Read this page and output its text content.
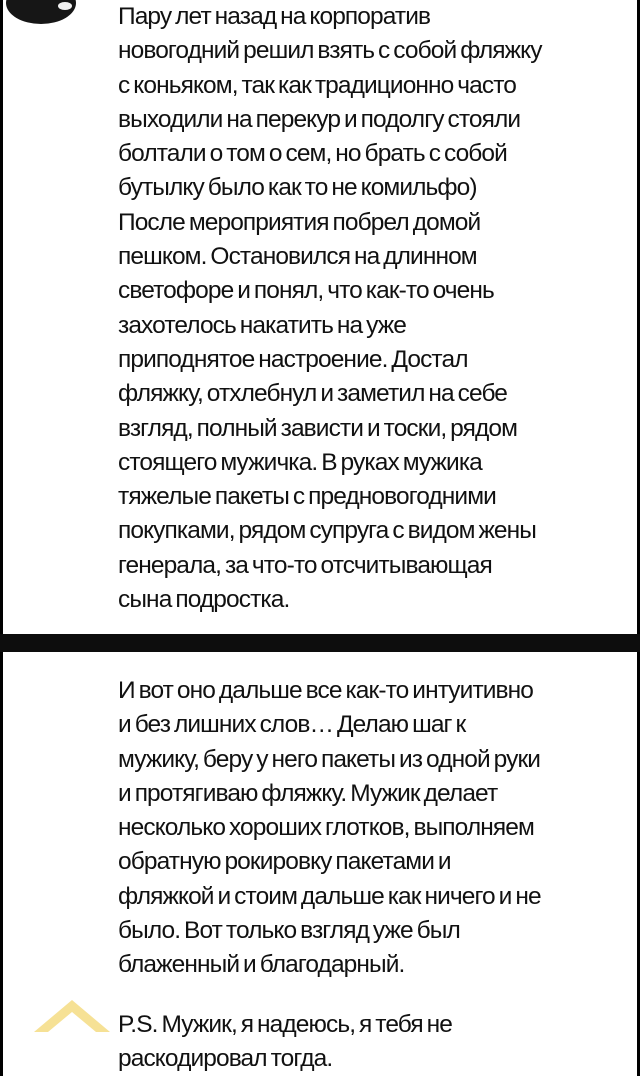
Пару лет назад на корпоратив
новогодний решил взять с собой фляжку
с коньяком, так как традиционно часто
выходили на перекур и подолгу стояли
болтали о том о сем, но брать с собой
бутылку было как то не комильфо)
После мероприятия побрел домой
пешком. Остановился на длинном
светофоре и понял, что как-то очень
захотелось накатить на уже
приподнятое настроение. Достал
фляжку, отхлебнул и заметил на себе
взгляд, полный зависти и тоски, рядом
стоящего мужичка. В руках мужика
тяжелые пакеты с предновогодними
покупками, рядом супруга с видом жены
генерала, за что-то отсчитывающая
сына подростка.

И вот оно дальше все как-то интуитивно
и без лишних слов… Делаю шаг к
мужику, беру у него пакеты из одной руки
и протягиваю фляжку. Мужик делает
несколько хороших глотков, выполняем
обратную рокировку пакетами и
фляжкой и стоим дальше как ничего и не
было. Вот только взгляд уже был
блаженный и благодарный.

P.S. Мужик, я надеюсь, я тебя не
раскодировал тогда.
